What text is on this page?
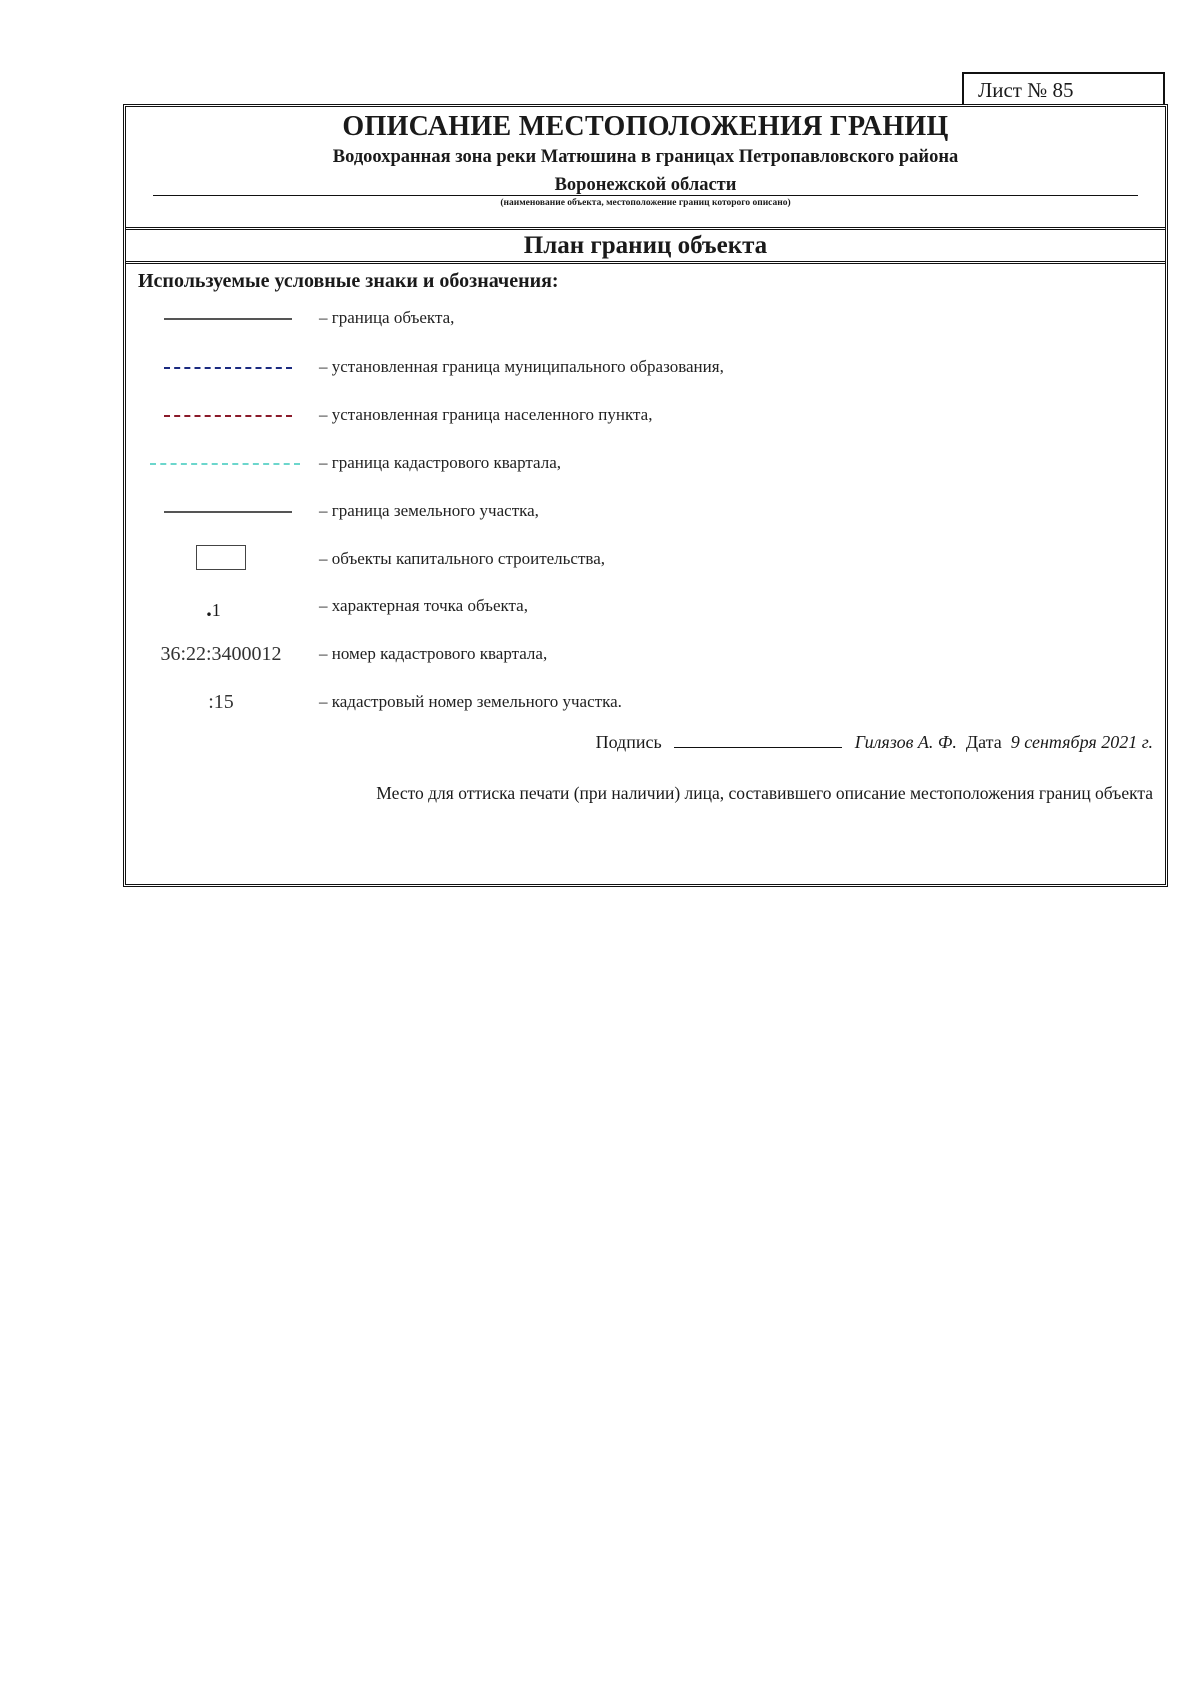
Лист № 85
ОПИСАНИЕ МЕСТОПОЛОЖЕНИЯ ГРАНИЦ
Водоохранная зона реки Матюшина в границах Петропавловского района
Воронежской области
(наименование объекта, местоположение границ которого описано)
План границ объекта
Используемые условные знаки и обозначения:
– граница объекта,
– установленная граница муниципального образования,
– установленная граница населенного пункта,
– граница кадастрового квартала,
– граница земельного участка,
– объекты капитального строительства,
.1	– характерная точка объекта,
36:22:3400012	– номер кадастрового квартала,
:15	– кадастровый номер земельного участка.
Подпись	Гилязов А. Ф. Дата 9 сентября 2021 г.
Место для оттиска печати (при наличии) лица, составившего описание местоположения границ объекта
